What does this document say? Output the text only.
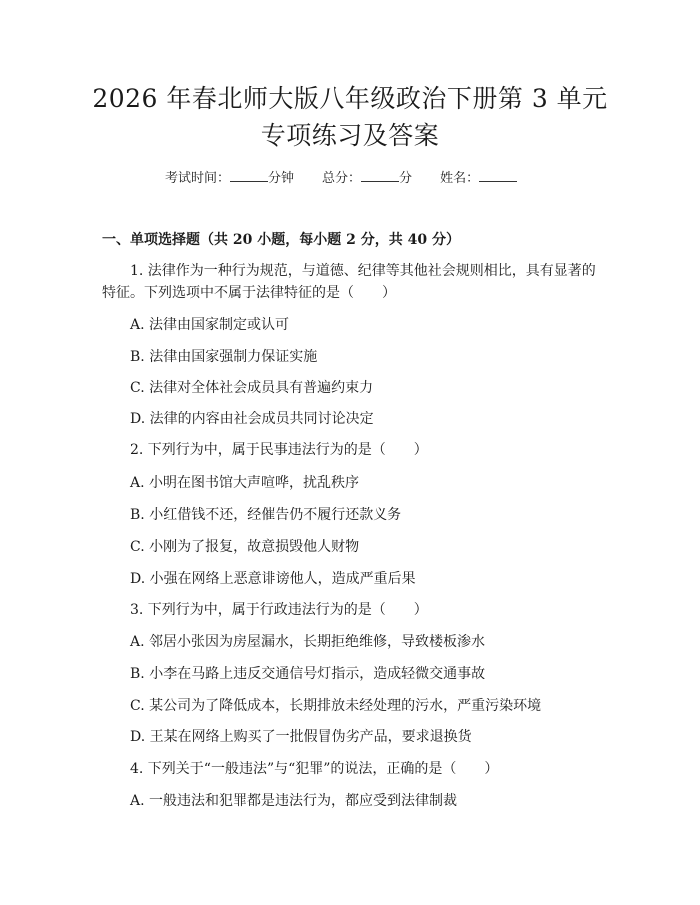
2026 年春北师大版八年级政治下册第 3 单元
专项练习及答案
考试时间：	分钟 总分：	分 姓名：
一、单项选择题（共 20 小题，每小题 2 分，共 40 分）
1. 法律作为一种行为规范，与道德、纪律等其他社会规则相比，具有显著的
特征。下列选项中不属于法律特征的是（　　）
A. 法律由国家制定或认可
B. 法律由国家强制力保证实施
C. 法律对全体社会成员具有普遍约束力
D. 法律的内容由社会成员共同讨论决定
2. 下列行为中，属于民事违法行为的是（　　）
A. 小明在图书馆大声喧哗，扰乱秩序
B. 小红借钱不还，经催告仍不履行还款义务
C. 小刚为了报复，故意损毁他人财物
D. 小强在网络上恶意诽谤他人，造成严重后果
3. 下列行为中，属于行政违法行为的是（　　）
A. 邻居小张因为房屋漏水，长期拒绝维修，导致楼板渗水
B. 小李在马路上违反交通信号灯指示，造成轻微交通事故
C. 某公司为了降低成本，长期排放未经处理的污水，严重污染环境
D. 王某在网络上购买了一批假冒伪劣产品，要求退换货
4. 下列关于“一般违法”与“犯罪”的说法，正确的是（　　）
A. 一般违法和犯罪都是违法行为，都应受到法律制裁
